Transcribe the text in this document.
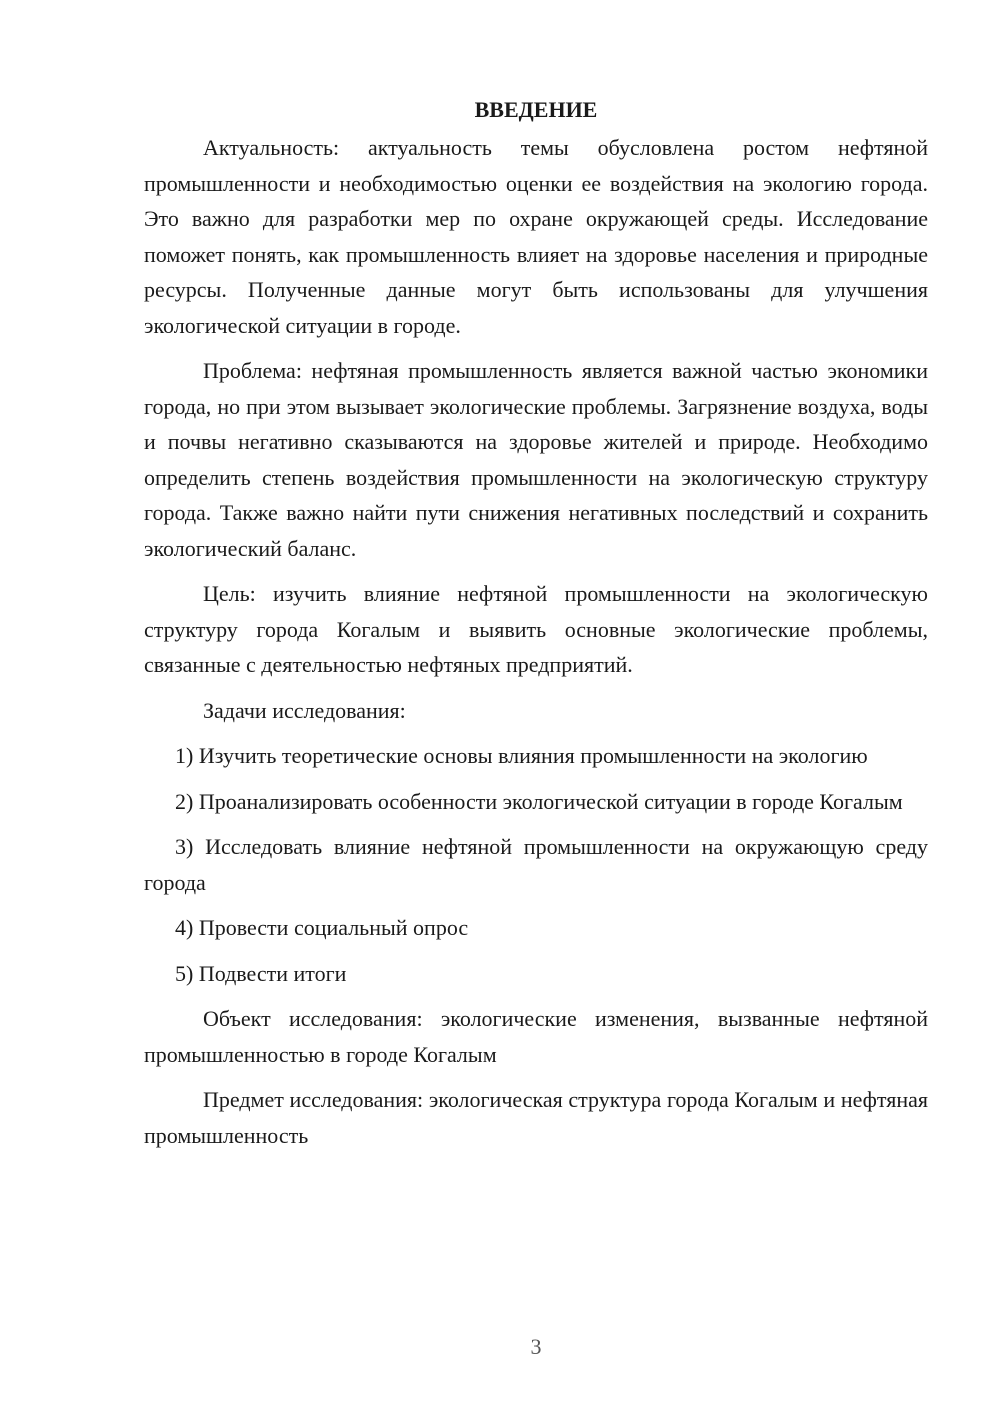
ВВЕДЕНИЕ

Актуальность: актуальность темы обусловлена ростом нефтяной промышленности и необходимостью оценки ее воздействия на экологию города. Это важно для разработки мер по охране окружающей среды. Исследование поможет понять, как промышленность влияет на здоровье населения и природные ресурсы. Полученные данные могут быть использованы для улучшения экологической ситуации в городе.

Проблема: нефтяная промышленность является важной частью экономики города, но при этом вызывает экологические проблемы. Загрязнение воздуха, воды и почвы негативно сказываются на здоровье жителей и природе. Необходимо определить степень воздействия промышленности на экологическую структуру города. Также важно найти пути снижения негативных последствий и сохранить экологический баланс.

Цель: изучить влияние нефтяной промышленности на экологическую структуру города Когалым и выявить основные экологические проблемы, связанные с деятельностью нефтяных предприятий.

Задачи исследования:

1) Изучить теоретические основы влияния промышленности на экологию

2) Проанализировать особенности экологической ситуации в городе Когалым

3) Исследовать влияние нефтяной промышленности на окружающую среду города

4) Провести социальный опрос

5) Подвести итоги

Объект исследования: экологические изменения, вызванные нефтяной промышленностью в городе Когалым

Предмет исследования: экологическая структура города Когалым и нефтяная промышленность

3
